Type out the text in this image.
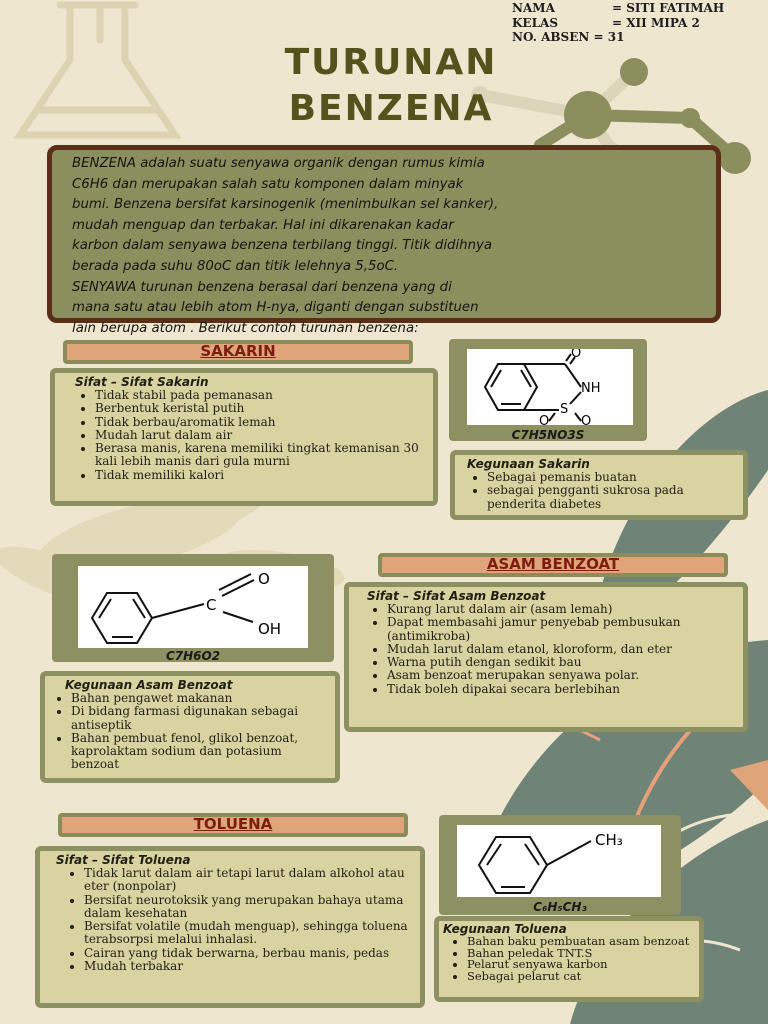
NAMA	= SITI FATIMAH
KELAS	= XII MIPA 2
NO. ABSEN = 31
TURUNAN
BENZENA

BENZENA adalah suatu senyawa organik dengan rumus kimia

C6H6 dan merupakan salah satu komponen dalam minyak

bumi. Benzena bersifat karsinogenik (menimbulkan sel kanker),

mudah menguap dan terbakar. Hal ini dikarenakan kadar

karbon dalam senyawa benzena terbilang tinggi. Titik didihnya

berada pada suhu 80oC dan titik lelehnya 5,5oC.

SENYAWA turunan benzena berasal dari benzena yang di

mana satu atau lebih atom H-nya, diganti dengan substituen

lain berupa atom . Berikut contoh turunan benzena:

SAKARIN
Sifat – Sifat Sakarin
• Tidak stabil pada pemanasan
• Berbentuk keristal putih
• Tidak berbau/aromatik lemah
• Mudah larut dalam air
• Berasa manis, karena memiliki tingkat kemanisan 30 kali lebih manis dari gula murni
• Tidak memiliki kalori
O
NH
S
O O
C7H5NO3S
Kegunaan Sakarin
• Sebagai pemanis buatan
• sebagai pengganti sukrosa pada penderita diabetes
O
C
OH
C7H6O2
ASAM BENZOAT
Sifat – Sifat Asam Benzoat
• Kurang larut dalam air (asam lemah)
• Dapat membasahi jamur penyebab pembusukan (antimikroba)
• Mudah larut dalam etanol, kloroform, dan eter
• Warna putih dengan sedikit bau
• Asam benzoat merupakan senyawa polar.
• Tidak boleh dipakai secara berlebihan
Kegunaan Asam Benzoat
• Bahan pengawet makanan
• Di bidang farmasi digunakan sebagai antiseptik
• Bahan pembuat fenol, glikol benzoat, kaprolaktam sodium dan potasium benzoat
TOLUENA
Sifat – Sifat Toluena
• Tidak larut dalam air tetapi larut dalam alkohol atau eter (nonpolar)
• Bersifat neurotoksik yang merupakan bahaya utama dalam kesehatan
• Bersifat volatile (mudah menguap), sehingga toluena terabsorpsi melalui inhalasi.
• Cairan yang tidak berwarna, berbau manis, pedas
• Mudah terbakar
CH₃
C₆H₅CH₃
Kegunaan Toluena
• Bahan baku pembuatan asam benzoat
• Bahan peledak TNT.S
• Pelarut senyawa karbon
• Sebagai pelarut cat
